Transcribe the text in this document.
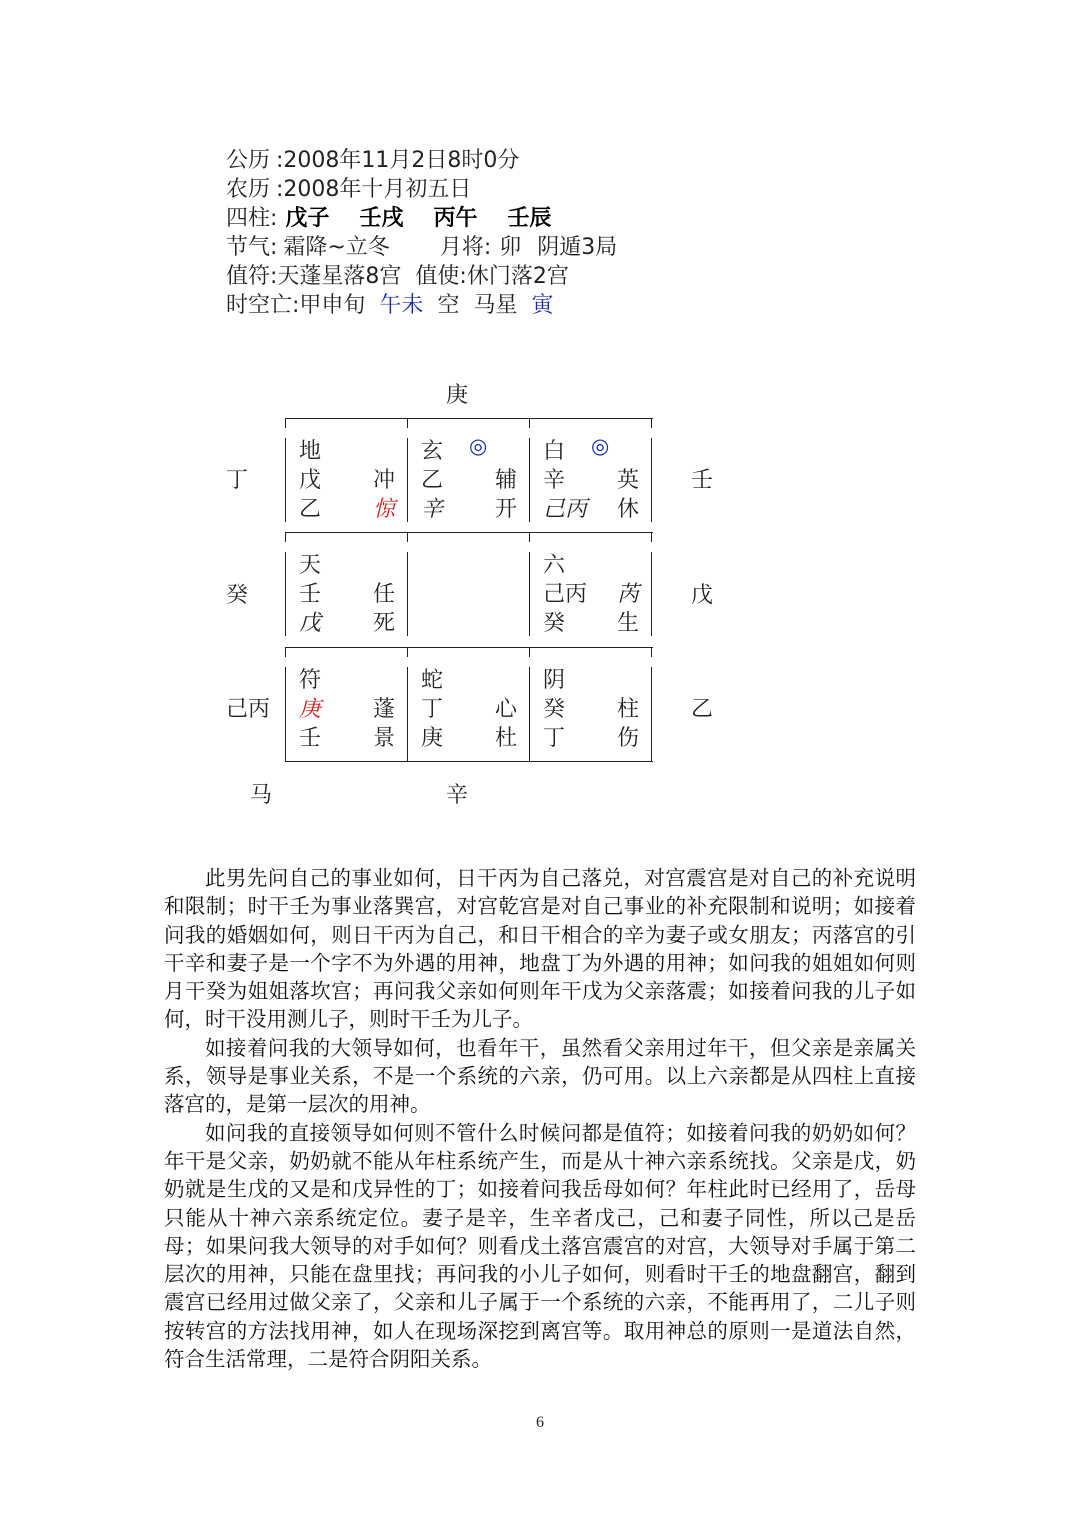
公历 :2008年11月2日8时0分
农历 :2008年十月初五日
四柱: 戊子 壬戌 丙午 壬辰
节气: 霜降~立冬 月将: 卯 阴遁3局
值符:天蓬星落8宫 值使:休门落2宫
时空亡:甲申旬 午未 空 马星 寅
庚
辛
丁
癸
己丙
壬
戊
乙
马
地
戊 冲
乙 惊
玄 ◎
乙 辅
辛 开
白 ◎
辛 英
己丙 休
天
壬 任
戊 死
六
己丙 芮
癸 生
符
庚 蓬
壬 景
蛇
丁 心
庚 杜
阴
癸 柱
丁 伤

此男先问自己的事业如何，日干丙为自己落兑，对宫震宫是对自己的补充说明和限制；时干壬为事业落巽宫，对宫乾宫是对自己事业的补充限制和说明；如接着问我的婚姻如何，则日干丙为自己，和日干相合的辛为妻子或女朋友；丙落宫的引干辛和妻子是一个字不为外遇的用神，地盘丁为外遇的用神；如问我的姐姐如何则月干癸为姐姐落坎宫；再问我父亲如何则年干戊为父亲落震；如接着问我的儿子如何，时干没用测儿子，则时干壬为儿子。

如接着问我的大领导如何，也看年干，虽然看父亲用过年干，但父亲是亲属关系，领导是事业关系，不是一个系统的六亲，仍可用。以上六亲都是从四柱上直接落宫的，是第一层次的用神。

如问我的直接领导如何则不管什么时候问都是值符；如接着问我的奶奶如何？年干是父亲，奶奶就不能从年柱系统产生，而是从十神六亲系统找。父亲是戊，奶奶就是生戊的又是和戊异性的丁；如接着问我岳母如何？年柱此时已经用了，岳母只能从十神六亲系统定位。妻子是辛，生辛者戊己，己和妻子同性，所以己是岳母；如果问我大领导的对手如何？则看戊土落宫震宫的对宫，大领导对手属于第二层次的用神，只能在盘里找；再问我的小儿子如何，则看时干壬的地盘翻宫，翻到震宫已经用过做父亲了，父亲和儿子属于一个系统的六亲，不能再用了，二儿子则按转宫的方法找用神，如人在现场深挖到离宫等。取用神总的原则一是道法自然，符合生活常理，二是符合阴阳关系。

6
